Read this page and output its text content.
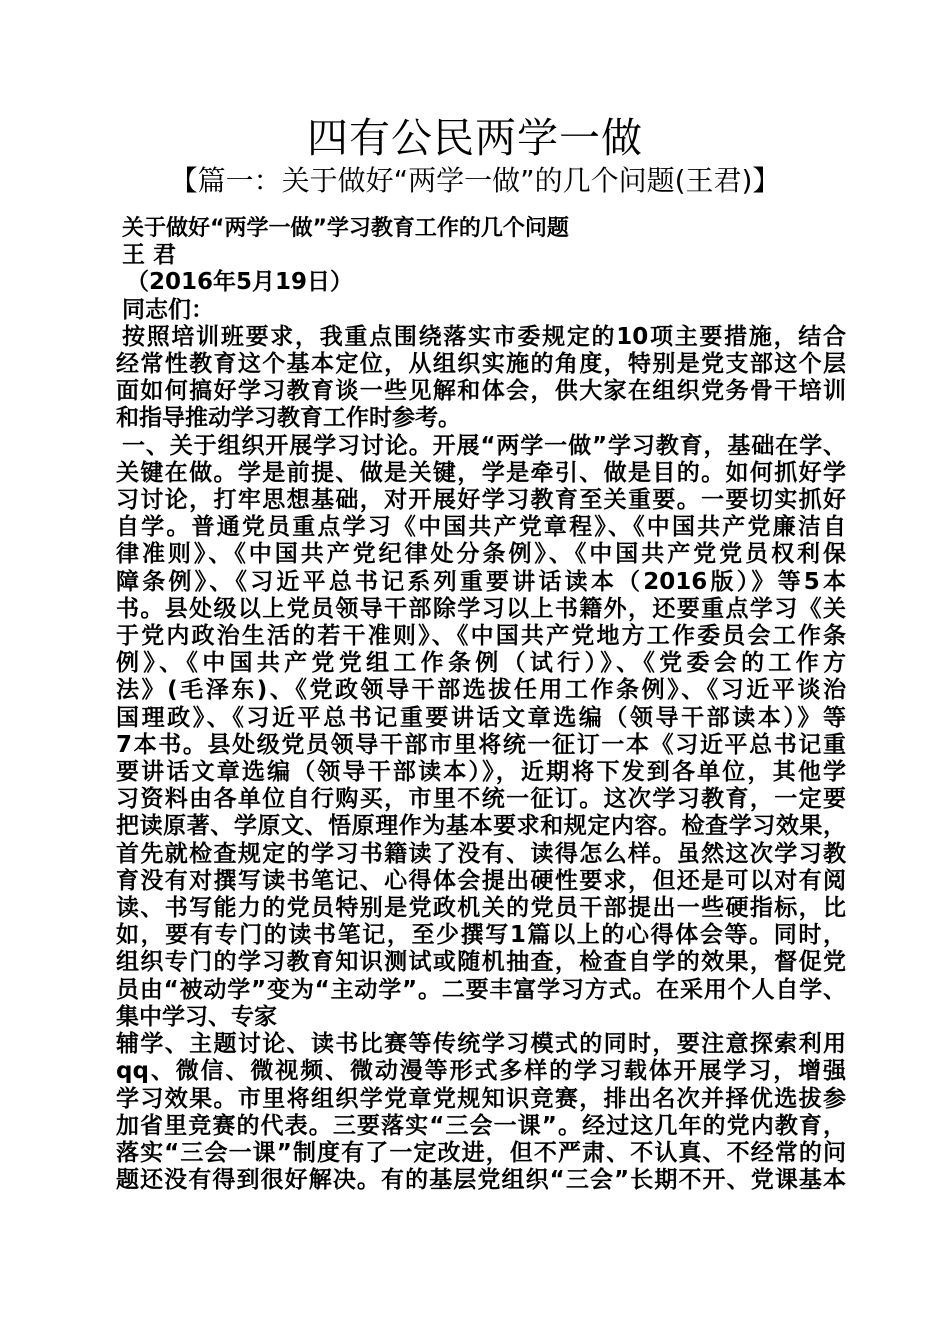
四有公民两学一做
【篇一：关于做好“两学一做”的几个问题(王君)】
关于做好“两学一做”学习教育工作的几个问题
王 君
（2016年5月19日）
同志们：
按照培训班要求，我重点围绕落实市委规定的10项主要措施，结合
经常性教育这个基本定位，从组织实施的角度，特别是党支部这个层
面如何搞好学习教育谈一些见解和体会，供大家在组织党务骨干培训
和指导推动学习教育工作时参考。
一、关于组织开展学习讨论。开展“两学一做”学习教育，基础在学、
关键在做。学是前提、做是关键，学是牵引、做是目的。如何抓好学
习讨论，打牢思想基础，对开展好学习教育至关重要。一要切实抓好
自学。普通党员重点学习《中国共产党章程》、《中国共产党廉洁自
律准则》、《中国共产党纪律处分条例》、《中国共产党党员权利保
障条例》、《习近平总书记系列重要讲话读本（2016版）》等5本
书。县处级以上党员领导干部除学习以上书籍外，还要重点学习《关
于党内政治生活的若干准则》、《中国共产党地方工作委员会工作条
例》、《中国共产党党组工作条例（试行）》、《党委会的工作方
法》(毛泽东)、《党政领导干部选拔任用工作条例》、《习近平谈治
国理政》、《习近平总书记重要讲话文章选编（领导干部读本）》等
7本书。县处级党员领导干部市里将统一征订一本《习近平总书记重
要讲话文章选编（领导干部读本）》，近期将下发到各单位，其他学
习资料由各单位自行购买，市里不统一征订。这次学习教育，一定要
把读原著、学原文、悟原理作为基本要求和规定内容。检查学习效果，
首先就检查规定的学习书籍读了没有、读得怎么样。虽然这次学习教
育没有对撰写读书笔记、心得体会提出硬性要求，但还是可以对有阅
读、书写能力的党员特别是党政机关的党员干部提出一些硬指标，比
如，要有专门的读书笔记，至少撰写1篇以上的心得体会等。同时，
组织专门的学习教育知识测试或随机抽查，检查自学的效果，督促党
员由“被动学”变为“主动学”。二要丰富学习方式。在采用个人自学、
集中学习、专家
辅学、主题讨论、读书比赛等传统学习模式的同时，要注意探索利用
qq、微信、微视频、微动漫等形式多样的学习载体开展学习，增强
学习效果。市里将组织学党章党规知识竞赛，排出名次并择优选拔参
加省里竞赛的代表。三要落实“三会一课”。经过这几年的党内教育，
落实“三会一课”制度有了一定改进，但不严肃、不认真、不经常的问
题还没有得到很好解决。有的基层党组织“三会”长期不开、党课基本
